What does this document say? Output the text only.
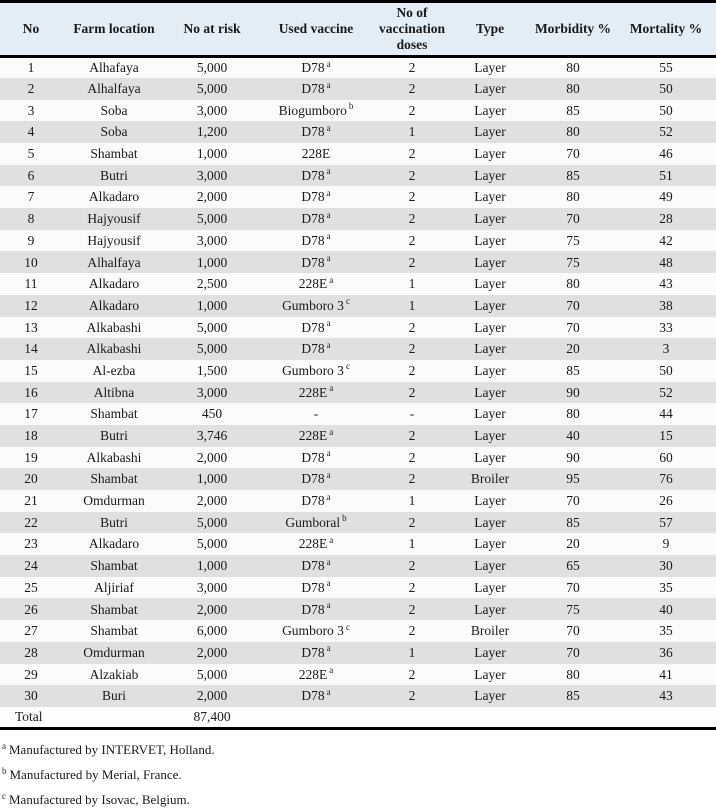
No	Farm location	No at risk	Used vaccine	No of vaccination doses	Type	Morbidity %	Mortality %
1	Alhafaya	5,000	D78 $^a$	2	Layer	80	55
2	Alhalfaya	5,000	D78 $^a$	2	Layer	80	50
3	Soba	3,000	Biogumboro $^b$	2	Layer	85	50
4	Soba	1,200	D78 $^a$	1	Layer	80	52
5	Shambat	1,000	228E	2	Layer	70	46
6	Butri	3,000	D78 $^a$	2	Layer	85	51
7	Alkadaro	2,000	D78 $^a$	2	Layer	80	49
8	Hajyousif	5,000	D78 $^a$	2	Layer	70	28
9	Hajyousif	3,000	D78 $^a$	2	Layer	75	42
10	Alhalfaya	1,000	D78 $^a$	2	Layer	75	48
11	Alkadaro	2,500	228E $^a$	1	Layer	80	43
12	Alkadaro	1,000	Gumboro 3 $^c$	1	Layer	70	38
13	Alkabashi	5,000	D78 $^a$	2	Layer	70	33
14	Alkabashi	5,000	D78 $^a$	2	Layer	20	3
15	Al-ezba	1,500	Gumboro 3 $^c$	2	Layer	85	50
16	Altibna	3,000	228E $^a$	2	Layer	90	52
17	Shambat	450	-	-	Layer	80	44
18	Butri	3,746	228E $^a$	2	Layer	40	15
19	Alkabashi	2,000	D78 $^a$	2	Layer	90	60
20	Shambat	1,000	D78 $^a$	2	Broiler	95	76
21	Omdurman	2,000	D78 $^a$	1	Layer	70	26
22	Butri	5,000	Gumboral $^b$	2	Layer	85	57
23	Alkadaro	5,000	228E $^a$	1	Layer	20	9
24	Shambat	1,000	D78 $^a$	2	Layer	65	30
25	Aljiriaf	3,000	D78 $^a$	2	Layer	70	35
26	Shambat	2,000	D78 $^a$	2	Layer	75	40
27	Shambat	6,000	Gumboro 3 $^c$	2	Broiler	70	35
28	Omdurman	2,000	D78 $^a$	1	Layer	70	36
29	Alzakiab	5,000	228E $^a$	2	Layer	80	41
30	Buri	2,000	D78 $^a$	2	Layer	85	43
Total		87,400					
$^a$ Manufactured by INTERVET, Holland.
$^b$ Manufactured by Merial, France.
$^c$ Manufactured by Isovac, Belgium.
